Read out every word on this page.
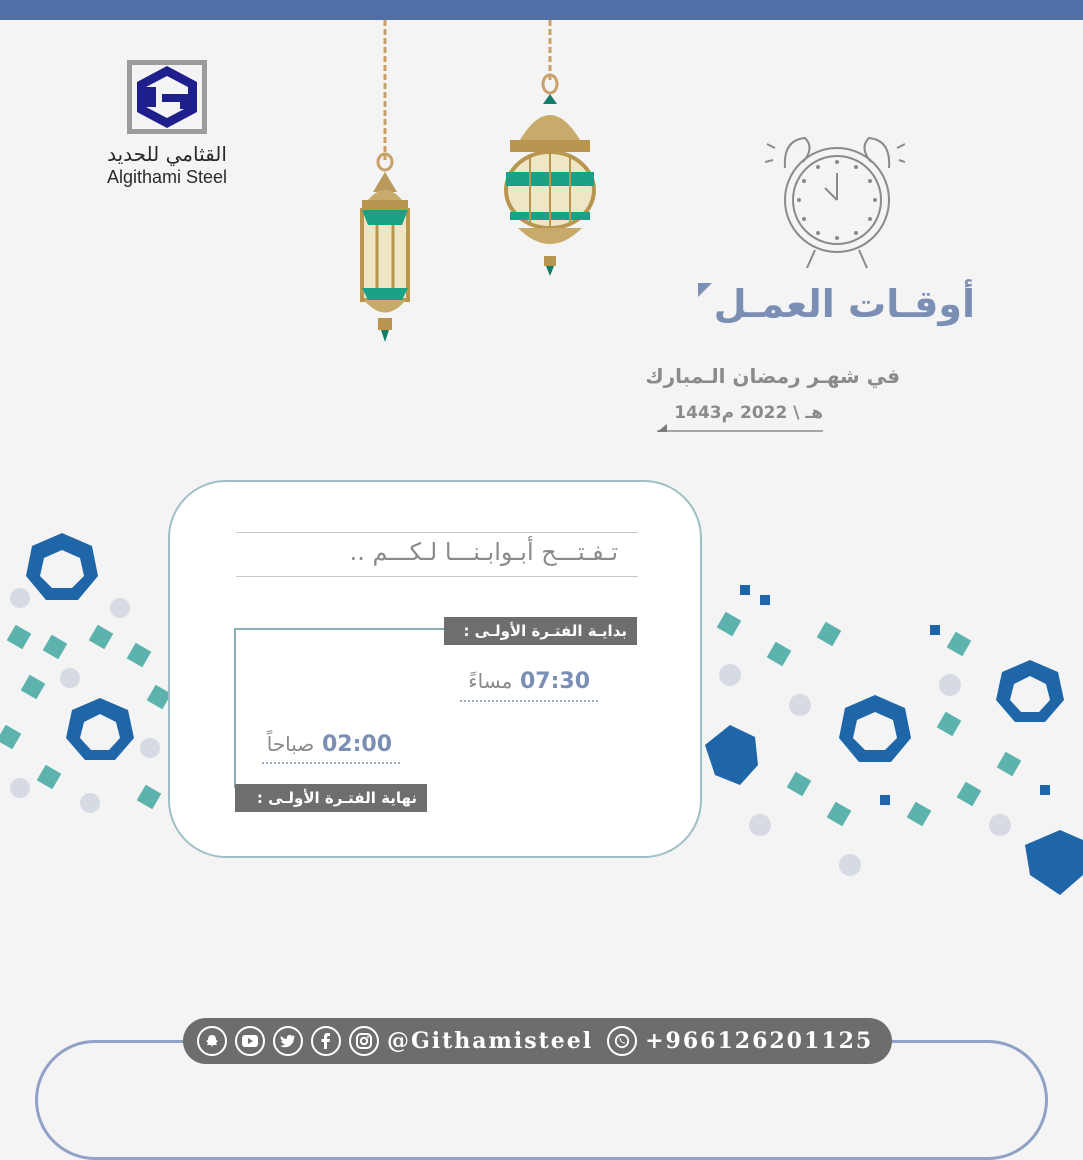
القثامي للحديد
Algithami Steel
أوقـات العمـل
في شهـر رمضان الـمبارك
1443هـ \ 2022 م
تـفـتـــح أبـوابـنـــا لـكـــم ..
بدايـة الفتـرة الأولـى :
07:30 مساءً
02:00 صباحاً
نهاية الفتـرة الأولـى :
@Githamisteel +966126201125
